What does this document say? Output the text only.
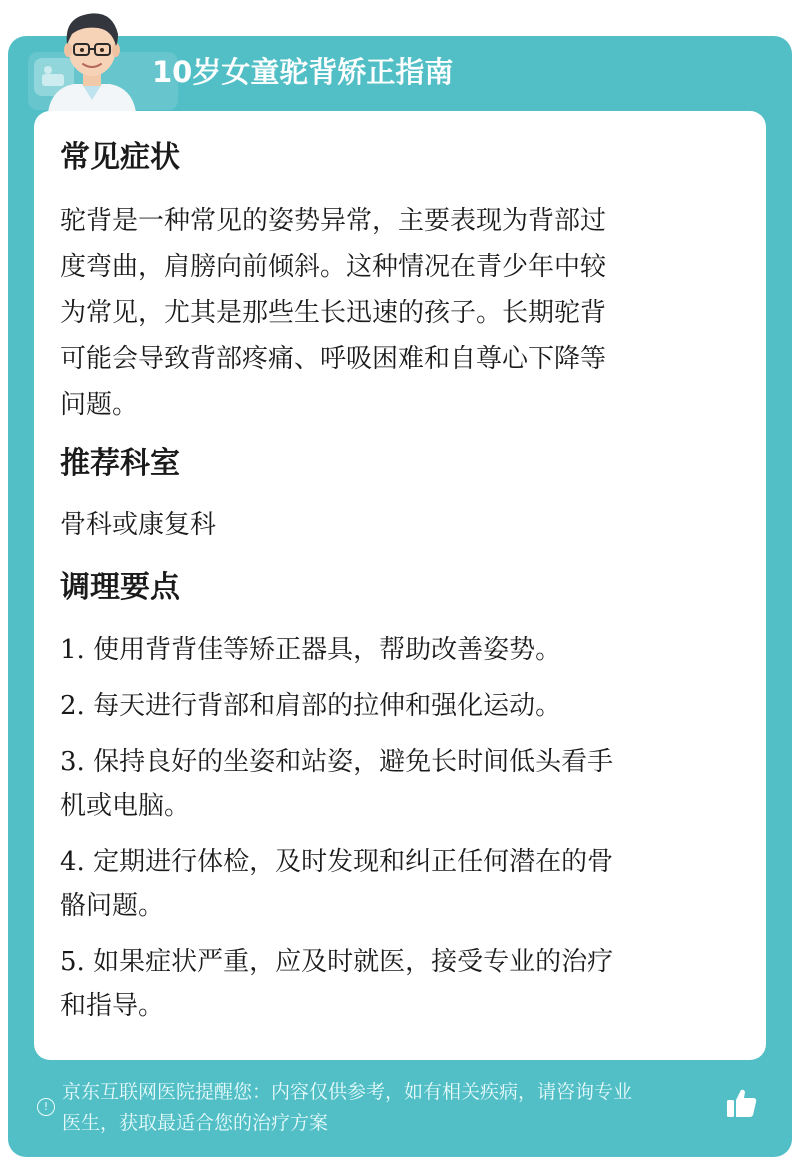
10岁女童驼背矫正指南

常见症状

驼背是一种常见的姿势异常，主要表现为背部过

度弯曲，肩膀向前倾斜。这种情况在青少年中较

为常见，尤其是那些生长迅速的孩子。长期驼背

可能会导致背部疼痛、呼吸困难和自尊心下降等

问题。

推荐科室

骨科或康复科

调理要点

1. 使用背背佳等矫正器具，帮助改善姿势。
2. 每天进行背部和肩部的拉伸和强化运动。
3. 保持良好的坐姿和站姿，避免长时间低头看手
机或电脑。
4. 定期进行体检，及时发现和纠正任何潜在的骨
骼问题。
5. 如果症状严重，应及时就医，接受专业的治疗
和指导。
!
京东互联网医院提醒您：内容仅供参考，如有相关疾病，请咨询专业
医生，获取最适合您的治疗方案
